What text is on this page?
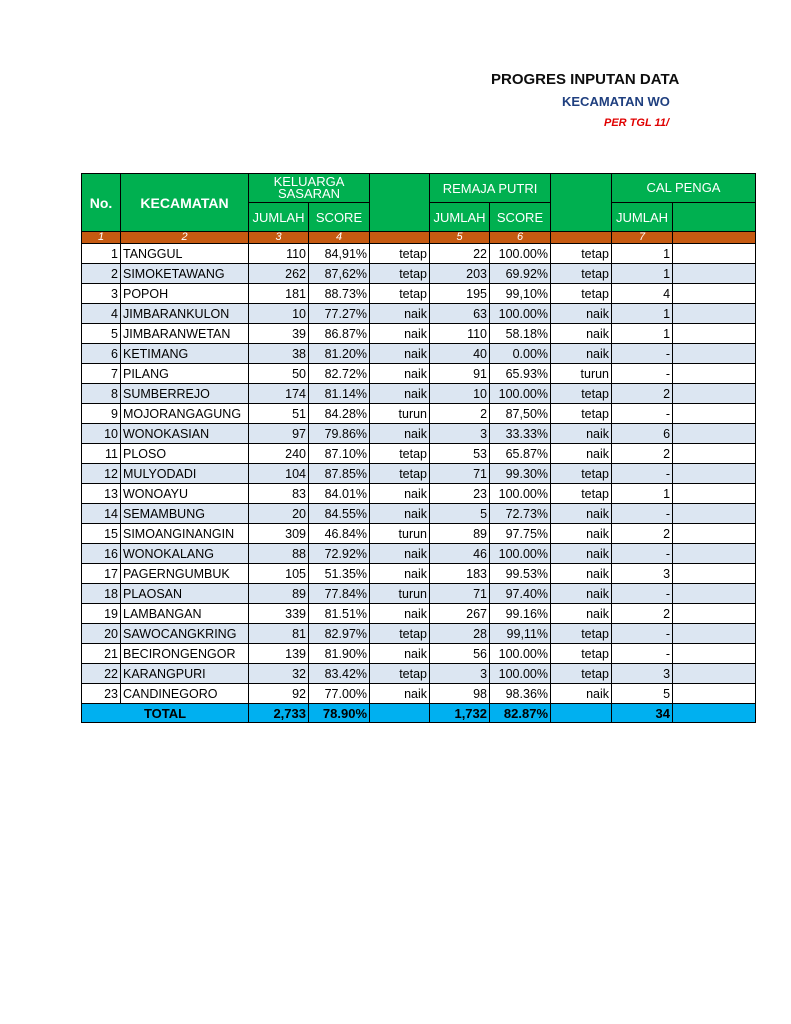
PROGRES INPUTAN DATA
KECAMATAN WO
PER TGL 11/
No.	KECAMATAN	KELUARGA SASARAN			REMAJA PUTRI			CAL PENGA	
		JUMLAH	SCORE		JUMLAH	SCORE		JUMLAH	
1	2	3	4		5	6		7	
1	TANGGUL	110	84,91%	tetap	22	100.00%	tetap	1	
2	SIMOKETAWANG	262	87,62%	tetap	203	69.92%	tetap	1	
3	POPOH	181	88.73%	tetap	195	99,10%	tetap	4	
4	JIMBARANKULON	10	77.27%	naik	63	100.00%	naik	1	
5	JIMBARANWETAN	39	86.87%	naik	110	58.18%	naik	1	
6	KETIMANG	38	81.20%	naik	40	0.00%	naik	-	
7	PILANG	50	82.72%	naik	91	65.93%	turun	-	
8	SUMBERREJO	174	81.14%	naik	10	100.00%	tetap	2	
9	MOJORANGAGUNG	51	84.28%	turun	2	87,50%	tetap	-	
10	WONOKASIAN	97	79.86%	naik	3	33.33%	naik	6	
11	PLOSO	240	87.10%	tetap	53	65.87%	naik	2	
12	MULYODADI	104	87.85%	tetap	71	99.30%	tetap	-	
13	WONOAYU	83	84.01%	naik	23	100.00%	tetap	1	
14	SEMAMBUNG	20	84.55%	naik	5	72.73%	naik	-	
15	SIMOANGINANGIN	309	46.84%	turun	89	97.75%	naik	2	
16	WONOKALANG	88	72.92%	naik	46	100.00%	naik	-	
17	PAGERNGUMBUK	105	51.35%	naik	183	99.53%	naik	3	
18	PLAOSAN	89	77.84%	turun	71	97.40%	naik	-	
19	LAMBANGAN	339	81.51%	naik	267	99.16%	naik	2	
20	SAWOCANGKRING	81	82.97%	tetap	28	99,11%	tetap	-	
21	BECIRONGENGOR	139	81.90%	naik	56	100.00%	tetap	-	
22	KARANGPURI	32	83.42%	tetap	3	100.00%	tetap	3	
23	CANDINEGORO	92	77.00%	naik	98	98.36%	naik	5	
TOTAL		2,733	78.90%		1,732	82.87%		34	
